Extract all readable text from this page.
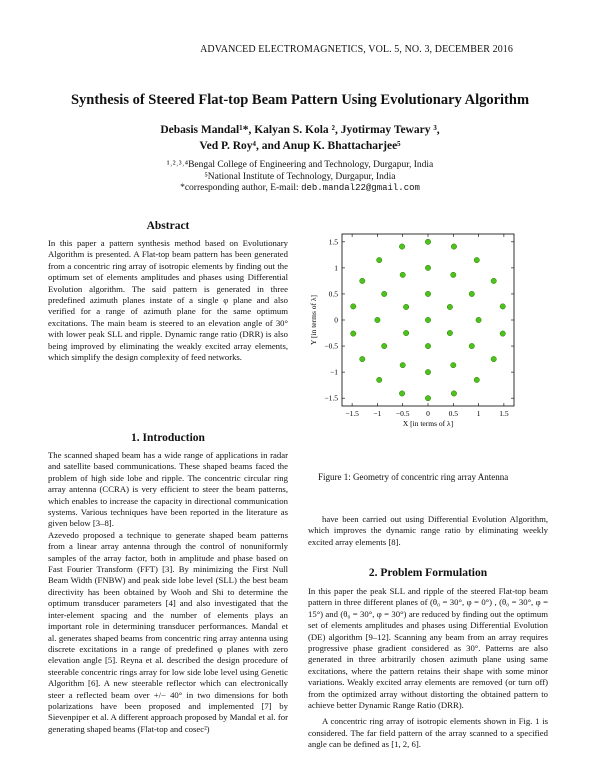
ADVANCED ELECTROMAGNETICS, VOL. 5, NO. 3, DECEMBER 2016
Synthesis of Steered Flat-top Beam Pattern Using Evolutionary Algorithm
Debasis Mandal¹*, Kalyan S. Kola ², Jyotirmay Tewary ³,
Ved P. Roy⁴, and Anup K. Bhattacharjee⁵
¹˒²˒³˒⁴Bengal College of Engineering and Technology, Durgapur, India
⁵National Institute of Technology, Durgapur, India
*corresponding author, E-mail: deb.mandal22@gmail.com
Abstract

In this paper a pattern synthesis method based on Evolutionary Algorithm is presented. A Flat-top beam pattern has been generated from a concentric ring array of isotropic elements by finding out the optimum set of elements amplitudes and phases using Differential Evolution algorithm. The said pattern is generated in three predefined azimuth planes instate of a single φ plane and also verified for a range of azimuth plane for the same optimum excitations. The main beam is steered to an elevation angle of 30° with lower peak SLL and ripple. Dynamic range ratio (DRR) is also being improved by eliminating the weakly excited array elements, which simplify the design complexity of feed networks.

1. Introduction

The scanned shaped beam has a wide range of applications in radar and satellite based communications. These shaped beams faced the problem of high side lobe and ripple. The concentric circular ring array antenna (CCRA) is very efficient to steer the beam patterns, which enables to increase the capacity in directional communication systems. Various techniques have been reported in the literature as given below [3–8].

Azevedo proposed a technique to generate shaped beam patterns from a linear array antenna through the control of nonuniformly samples of the array factor, both in amplitude and phase based on Fast Fourier Transform (FFT) [3]. By minimizing the First Null Beam Width (FNBW) and peak side lobe level (SLL) the best beam directivity has been obtained by Wooh and Shi to determine the optimum transducer parameters [4] and also investigated that the inter-element spacing and the number of elements plays an important role in determining transducer performances. Mandal et al. generates shaped beams from concentric ring array antenna using discrete excitations in a range of predefined φ planes with zero elevation angle [5]. Reyna et al. described the design procedure of steerable concentric rings array for low side lobe level using Genetic Algorithm [6]. A new steerable reflector which can electronically steer a reflected beam over +/− 40° in two dimensions for both polarizations have been proposed and implemented [7] by Sievenpiper et al. A different approach proposed by Mandal et al. for generating shaped beams (Flat-top and cosec²)

−1.5
1.5
−1
1
−0.5
0.5
0
0
0.5
−0.5
1
−1
1.5
−1.5
X [in terms of λ]
Y [in terms of λ]
Figure 1: Geometry of concentric ring array Antenna

have been carried out using Differential Evolution Algorithm, which improves the dynamic range ratio by eliminating weekly excited array elements [8].

2. Problem Formulation

In this paper the peak SLL and ripple of the steered Flat-top beam pattern in three different planes of (θ₀ = 30°, φ = 0°) , (θ₀ = 30°, φ = 15°) and (θ₀ = 30°, φ = 30°) are reduced by finding out the optimum set of elements amplitudes and phases using Differential Evolution (DE) algorithm [9–12]. Scanning any beam from an array requires progressive phase gradient considered as 30°. Patterns are also generated in three arbitrarily chosen azimuth plane using same excitations, where the pattern retains their shape with some minor variations. Weakly excited array elements are removed (or turn off) from the optimized array without distorting the obtained pattern to achieve better Dynamic Range Ratio (DRR).

A concentric ring array of isotropic elements shown in Fig. 1 is considered. The far field pattern of the array scanned to a specified angle can be defined as [1, 2, 6].
